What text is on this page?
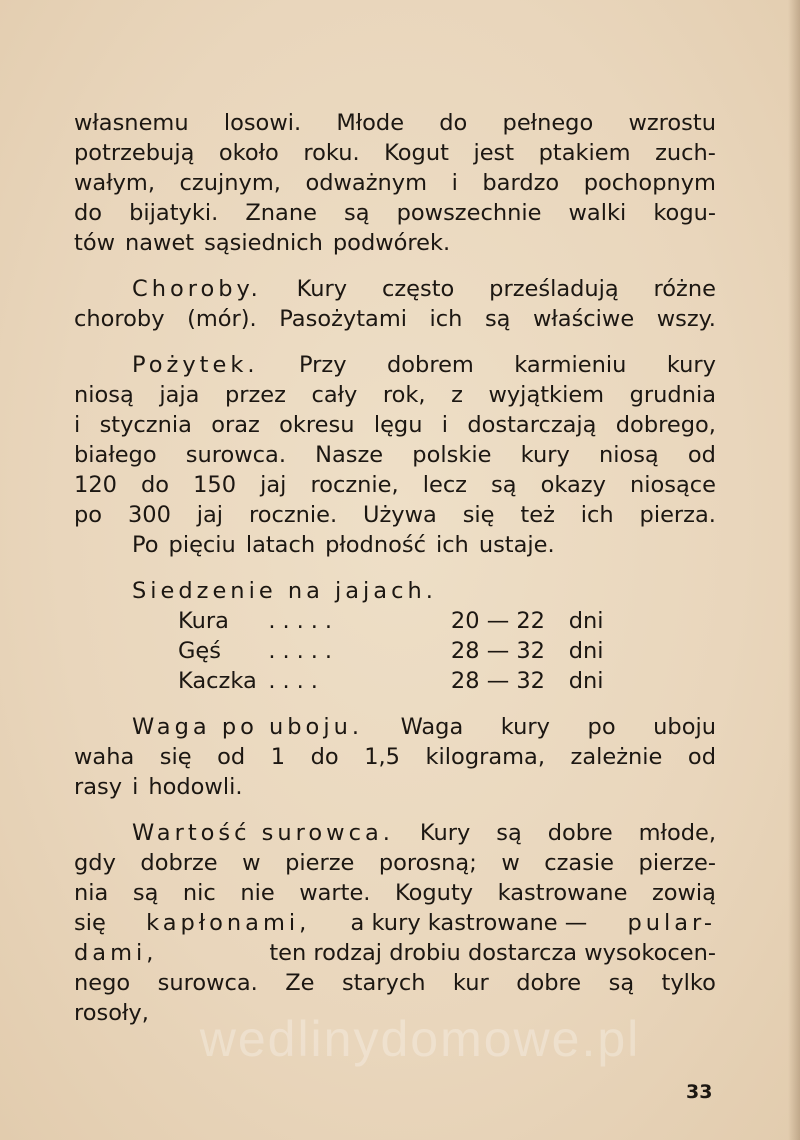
własnemu losowi. Młode do pełnego wzrostu
potrzebują około roku. Kogut jest ptakiem zuch-
wałym, czujnym, odważnym i bardzo pochopnym
do bijatyki. Znane są powszechnie walki kogu-
tów nawet sąsiednich podwórek.
Choroby. Kury często prześladują różne
choroby (mór). Pasożytami ich są właściwe wszy.
Pożytek. Przy dobrem karmieniu kury
niosą jaja przez cały rok, z wyjątkiem grudnia
i stycznia oraz okresu lęgu i dostarczają dobrego,
białego surowca. Nasze polskie kury niosą od
120 do 150 jaj rocznie, lecz są okazy niosące
po 300 jaj rocznie. Używa się też ich pierza.
Po pięciu latach płodność ich ustaje.
Siedzenie na jajach.
Kura	.....	20 — 22	dni
Gęś	.....	28 — 32	dni
Kaczka ....	28 — 32	dni
Waga po uboju. Waga kury po uboju
waha się od 1 do 1,5 kilograma, zależnie od
rasy i hodowli.
Wartość surowca. Kury są dobre młode,
gdy dobrze w pierze porosną; w czasie pierze-
nia są nic nie warte. Koguty kastrowane zowią
się kapłonami, a kury kastrowane — pular-
dami,	ten rodzaj drobiu dostarcza wysokocen-
nego surowca. Ze starych kur dobre są tylko
rosoły,	wedlinydomowe.pl
33
